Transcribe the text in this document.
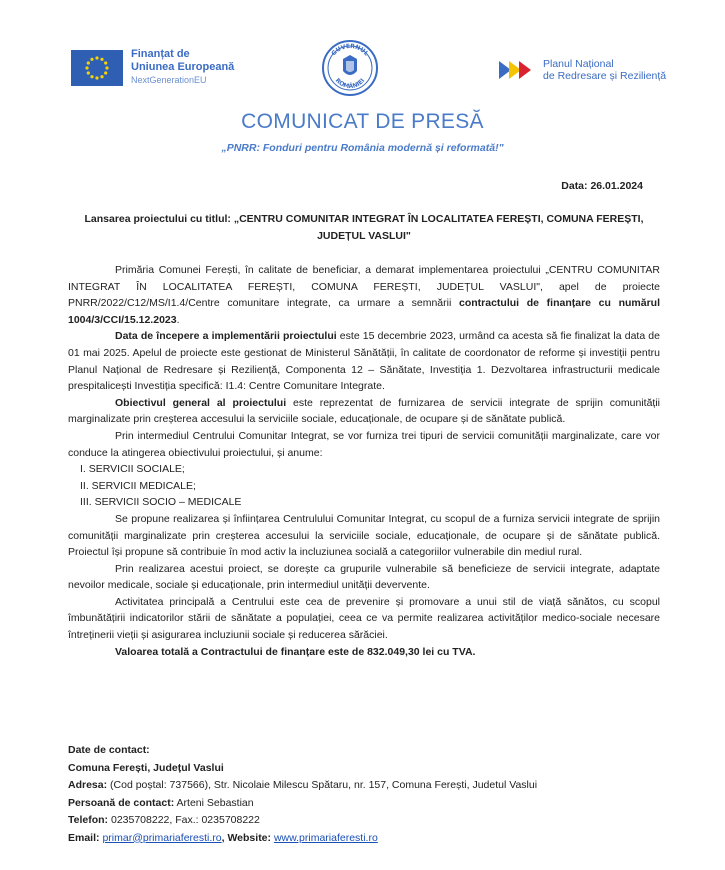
Finanțat de
Uniunea Europeană
NextGenerationEU
GUVERNUL
ROMÂNIEI
Planul Național
de Redresare și Reziliență
COMUNICAT DE PRESĂ
„PNRR: Fonduri pentru România modernă și reformată!"
Data: 26.01.2024
Lansarea proiectului cu titlul: „CENTRU COMUNITAR INTEGRAT ÎN LOCALITATEA FEREȘTI, COMUNA FEREȘTI, JUDEȚUL VASLUI"

Primăria Comunei Ferești, în calitate de beneficiar, a demarat implementarea proiectului „CENTRU COMUNITAR INTEGRAT ÎN LOCALITATEA FEREȘTI, COMUNA FEREȘTI, JUDEȚUL VASLUI", apel de proiecte PNRR/2022/C12/MS/I1.4/Centre comunitare integrate, ca urmare a semnării contractului de finanțare cu numărul 1004/3/CCI/15.12.2023.

Data de începere a implementării proiectului este 15 decembrie 2023, urmând ca acesta să fie finalizat la data de 01 mai 2025. Apelul de proiecte este gestionat de Ministerul Sănătății, în calitate de coordonator de reforme și investiții pentru Planul Național de Redresare și Reziliență, Componenta 12 – Sănătate, Investiția 1. Dezvoltarea infrastructurii medicale prespitalicești Investiția specifică: I1.4: Centre Comunitare Integrate.

Obiectivul general al proiectului este reprezentat de furnizarea de servicii integrate de sprijin comunității marginalizate prin creșterea accesului la serviciile sociale, educaționale, de ocupare și de sănătate publică.

Prin intermediul Centrului Comunitar Integrat, se vor furniza trei tipuri de servicii comunității marginalizate, care vor conduce la atingerea obiectivului proiectului, și anume:

I. SERVICII SOCIALE;
II. SERVICII MEDICALE;
III. SERVICII SOCIO – MEDICALE

Se propune realizarea și înființarea Centrulului Comunitar Integrat, cu scopul de a furniza servicii integrate de sprijin comunității marginalizate prin creșterea accesului la serviciile sociale, educaționale, de ocupare și de sănătate publică. Proiectul își propune să contribuie în mod activ la incluziunea socială a categoriilor vulnerabile din mediul rural.

Prin realizarea acestui proiect, se dorește ca grupurile vulnerabile să beneficieze de servicii integrate, adaptate nevoilor medicale, sociale și educaționale, prin intermediul unității devervente.

Activitatea principală a Centrului este cea de prevenire și promovare a unui stil de viață sănătos, cu scopul îmbunătățirii indicatorilor stării de sănătate a populației, ceea ce va permite realizarea activităților medico-sociale necesare întreținerii vieții și asigurarea incluziunii sociale și reducerea sărăciei.

Valoarea totală a Contractului de finanțare este de 832.049,30 lei cu TVA.

Date de contact:
Comuna Ferești, Județul Vaslui
Adresa: (Cod poștal: 737566), Str. Nicolaie Milescu Spătaru, nr. 157, Comuna Ferești, Judetul Vaslui
Persoană de contact: Arteni Sebastian
Telefon: 0235708222, Fax.: 0235708222
Email: primar@primariaferesti.ro, Website: www.primariaferesti.ro
